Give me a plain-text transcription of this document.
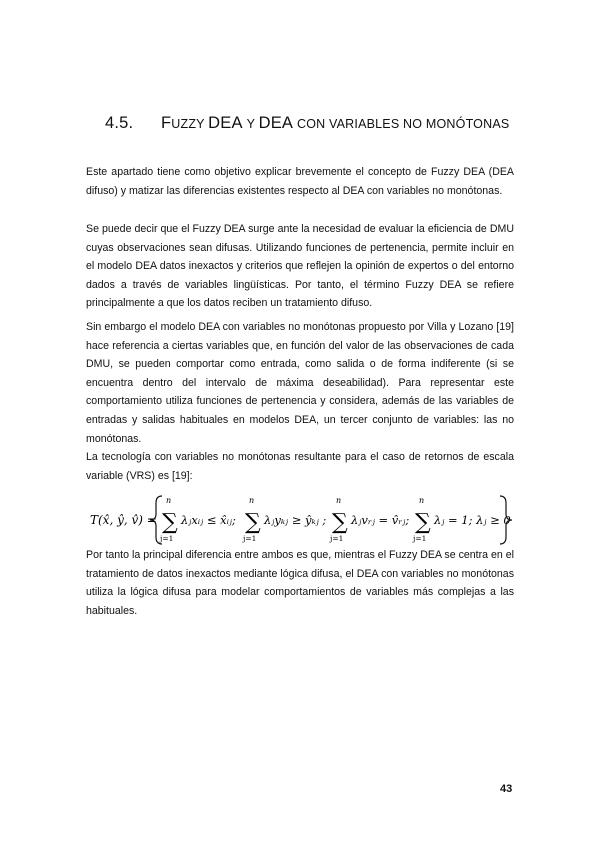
4.5. FUZZY DEA Y DEA CON VARIABLES NO MONÓTONAS
Este apartado tiene como objetivo explicar brevemente el concepto de Fuzzy DEA (DEA difuso) y matizar las diferencias existentes respecto al DEA con variables no monótonas.
Se puede decir que el Fuzzy DEA surge ante la necesidad de evaluar la eficiencia de DMU cuyas observaciones sean difusas. Utilizando funciones de pertenencia, permite incluir en el modelo DEA datos inexactos y criterios que reflejen la opinión de expertos o del entorno dados a través de variables lingüísticas. Por tanto, el término Fuzzy DEA se refiere principalmente a que los datos reciben un tratamiento difuso.
Sin embargo el modelo DEA con variables no monótonas propuesto por Villa y Lozano [19] hace referencia a ciertas variables que, en función del valor de las observaciones de cada DMU, se pueden comportar como entrada, como salida o de forma indiferente (si se encuentra dentro del intervalo de máxima deseabilidad). Para representar este comportamiento utiliza funciones de pertenencia y considera, además de las variables de entradas y salidas habituales en modelos DEA, un tercer conjunto de variables: las no monótonas.
La tecnología con variables no monótonas resultante para el caso de retornos de escala variable (VRS) es [19]:
T(x̂, ŷ, v̂) =
n
∑
j=1
λⱼxᵢⱼ ≤ x̂ᵢⱼ;
n
∑
j=1
λⱼyₖⱼ ≥ ŷₖⱼ ;
n
∑
j=1
λⱼvᵣⱼ = v̂ᵣⱼ;
n
∑
j=1
λⱼ = 1; λⱼ ≥ 0
Por tanto la principal diferencia entre ambos es que, mientras el Fuzzy DEA se centra en el tratamiento de datos inexactos mediante lógica difusa, el DEA con variables no monótonas utiliza la lógica difusa para modelar comportamientos de variables más complejas a las habituales.
43
